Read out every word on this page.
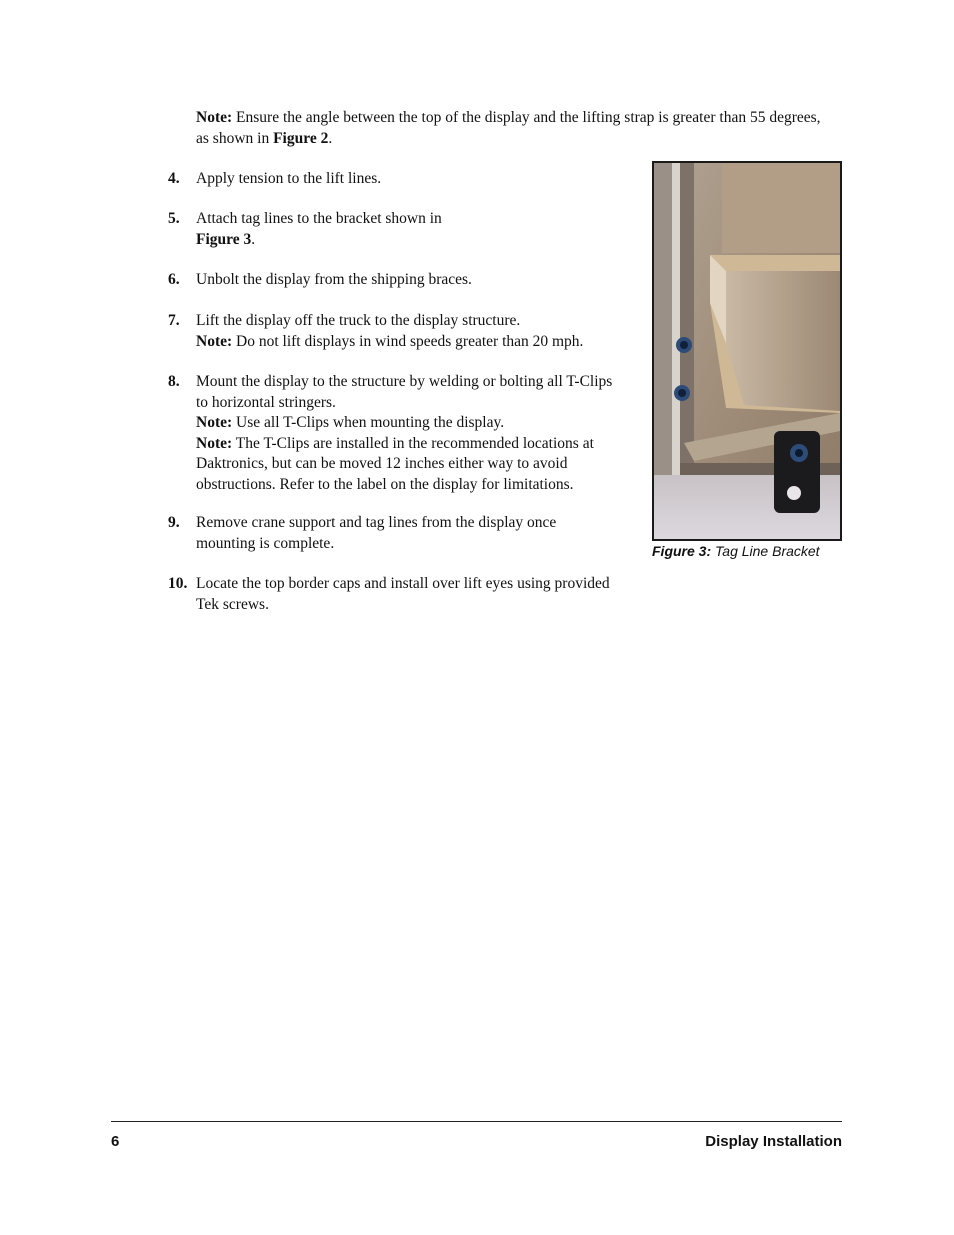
Note: Ensure the angle between the top of the display and the lifting strap is greater than 55 degrees, as shown in Figure 2.
4.	Apply tension to the lift lines.
5.	Attach tag lines to the bracket shown in
Figure 3.
6.	Unbolt the display from the shipping braces.
7.	Lift the display off the truck to the display structure.
Note: Do not lift displays in wind speeds greater than 20 mph.
8.	Mount the display to the structure by welding or bolting all T-Clips to horizontal stringers.
Note: Use all T-Clips when mounting the display.
Note: The T-Clips are installed in the recommended locations at Daktronics, but can be moved 12 inches either way to avoid obstructions. Refer to the label on the display for limitations.
9.	Remove crane support and tag lines from the display once mounting is complete.
10. Locate the top border caps and install over lift eyes using provided Tek screws.
Figure 3: Tag Line Bracket
6	Display Installation
